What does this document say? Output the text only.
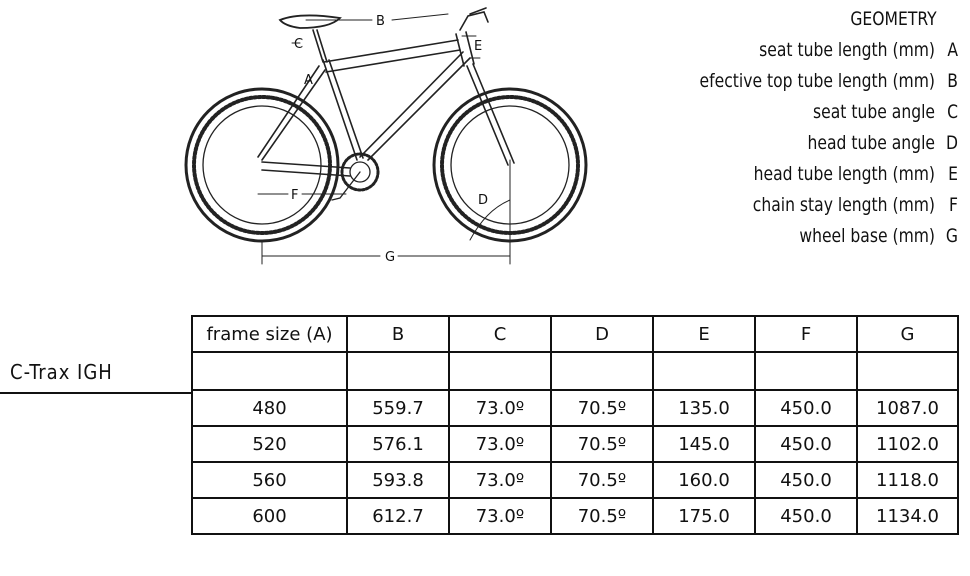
B
C
A
E
F	D
G
GEOMETRY
seat tube length (mm) A
efective top tube length (mm) B
seat tube angle C
head tube angle D
head tube length (mm) E
chain stay length (mm) F
wheel base (mm) G
C-Trax IGH
frame size (A)	B	C	D	E	F	G

480	559.7	73.0º	70.5º	135.0	450.0	1087.0
520	576.1	73.0º	70.5º	145.0	450.0	1102.0
560	593.8	73.0º	70.5º	160.0	450.0	1118.0
600	612.7	73.0º	70.5º	175.0	450.0	1134.0
